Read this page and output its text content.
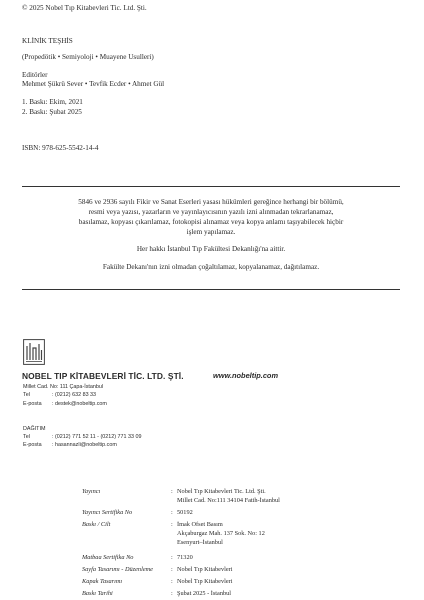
© 2025 Nobel Tıp Kitabevleri Tic. Ltd. Şti.
KLİNİK TEŞHİS
(Propedötik • Semiyoloji • Muayene Usulleri)
Editörler
Mehmet Şükrü Sever • Tevfik Ecder • Ahmet Gül
1. Baskı: Ekim, 2021
2. Baskı: Şubat 2025
ISBN: 978-625-5542-14-4
5846 ve 2936 sayılı Fikir ve Sanat Eserleri yasası hükümleri gereğince herhangi bir bölümü,
resmi veya yazısı, yazarların ve yayınlayıcısının yazılı izni alınmadan tekrarlanamaz,
basılamaz, kopyası çıkarılamaz, fotokopisi alınamaz veya kopya anlamı taşıyabilecek hiçbir
işlem yapılamaz.
Her hakkı İstanbul Tıp Fakültesi Dekanlığı'na aittir.
Fakülte Dekanı'nın izni olmadan çoğaltılamaz, kopyalanamaz, dağıtılamaz.
NOBEL TIP KİTABEVLERİ TİC. LTD. ŞTİ.	www.nobeltip.com
Millet Cad. No: 111 Çapa-İstanbul
Tel	: (0212) 632 83 33
E-posta : destek@nobeltip.com
DAĞITIM
Tel	: (0212) 771 52 11 - (0212) 771 33 09
E-posta : hasannazli@nobeltip.com
Yayıncı	: Nobel Tıp Kitabevleri Tic. Ltd. Şti.
Millet Cad. No:111 34104 Fatih-İstanbul
Yayıncı Sertifika No	: 50192
Baskı / Cilt	: İmak Ofset Basım
Akçaburgaz Mah. 137 Sok. No: 12
Esenyurt–İstanbul
Matbaa Sertifika No	: 71320
Sayfa Tasarımı - Düzenleme	: Nobel Tıp Kitabevleri
Kapak Tasarımı	: Nobel Tıp Kitabevleri
Baskı Tarihi	: Şubat 2025 - İstanbul
